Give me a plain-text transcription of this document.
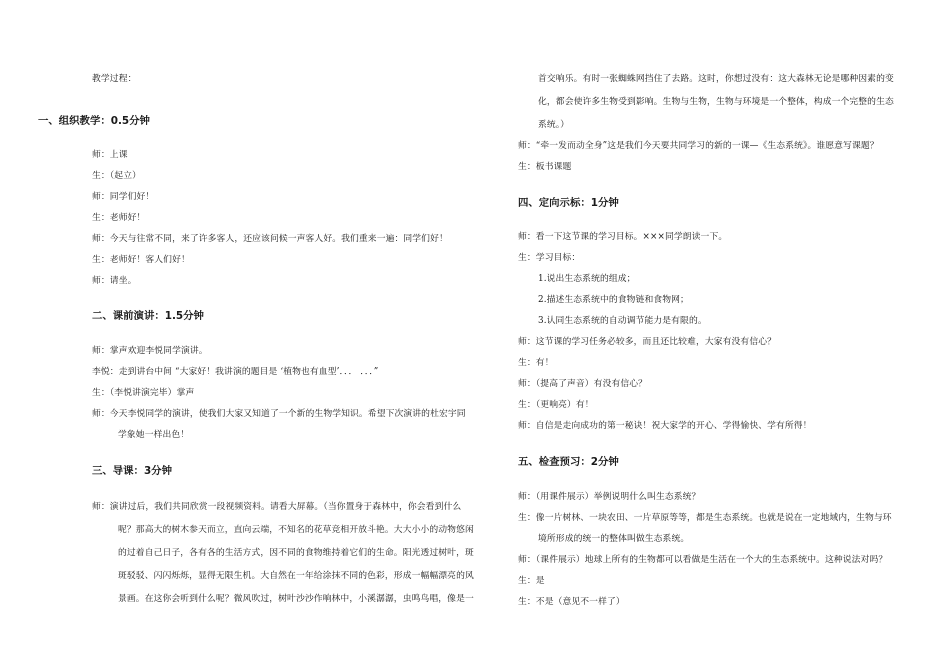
教学过程：
一、组织教学：0.5分钟
师：上课
生：（起立）
师：同学们好！
生：老师好！
师：今天与往常不同，来了许多客人，还应该问候一声客人好。我们重来一遍：同学们好！
生：老师好！客人们好！
师：请坐。
二、课前演讲：1.5分钟
师：掌声欢迎李悦同学演讲。
李悦：走到讲台中间 “大家好！我讲演的题目是 ‘植物也有血型’．．． ．．．”
生：（李悦讲演完毕）掌声
师：今天李悦同学的演讲，使我们大家又知道了一个新的生物学知识。希望下次演讲的杜宏宇同
学象她一样出色！
三、导课：3分钟
师：演讲过后，我们共同欣赏一段视频资料。请看大屏幕。（当你置身于森林中，你会看到什么
呢？那高大的树木参天而立，直向云端，不知名的花草竞相开放斗艳。大大小小的动物悠闲
的过着自己日子，各有各的生活方式，因不同的食物维持着它们的生命。阳光透过树叶，斑
斑驳驳、闪闪烁烁，显得无限生机。大自然在一年给涂抹不同的色彩，形成一幅幅漂亮的风
景画。在这你会听到什么呢？微风吹过，树叶沙沙作响林中，小溪潺潺，虫鸣鸟唱，像是一
首交响乐。有时一张蜘蛛网挡住了去路。这时，你想过没有：这大森林无论是哪种因素的变
化，都会使许多生物受到影响。生物与生物，生物与环境是一个整体，构成一个完整的生态
系统。）
师：“牵一发而动全身”这是我们今天要共同学习的新的一课—《生态系统》。谁愿意写课题？
生：板书课题
四、定向示标：1分钟
师：看一下这节课的学习目标。×××同学朗读一下。
生：学习目标：
1.说出生态系统的组成；
2.描述生态系统中的食物链和食物网；
3.认同生态系统的自动调节能力是有限的。
师：这节课的学习任务必较多，而且还比较难，大家有没有信心？
生：有！
师：（提高了声音）有没有信心？
生：（更响亮）有！
师：自信是走向成功的第一秘诀！祝大家学的开心、学得愉快、学有所得！
五、检查预习：2分钟
师：（用课件展示）举例说明什么叫生态系统？
生：像一片树林、一块农田、一片草原等等，都是生态系统。也就是说在一定地域内，生物与环
境所形成的统一的整体叫做生态系统。
师：（课件展示）地球上所有的生物都可以看做是生活在一个大的生态系统中。这种说法对吗？
生：是
生：不是（意见不一样了）
